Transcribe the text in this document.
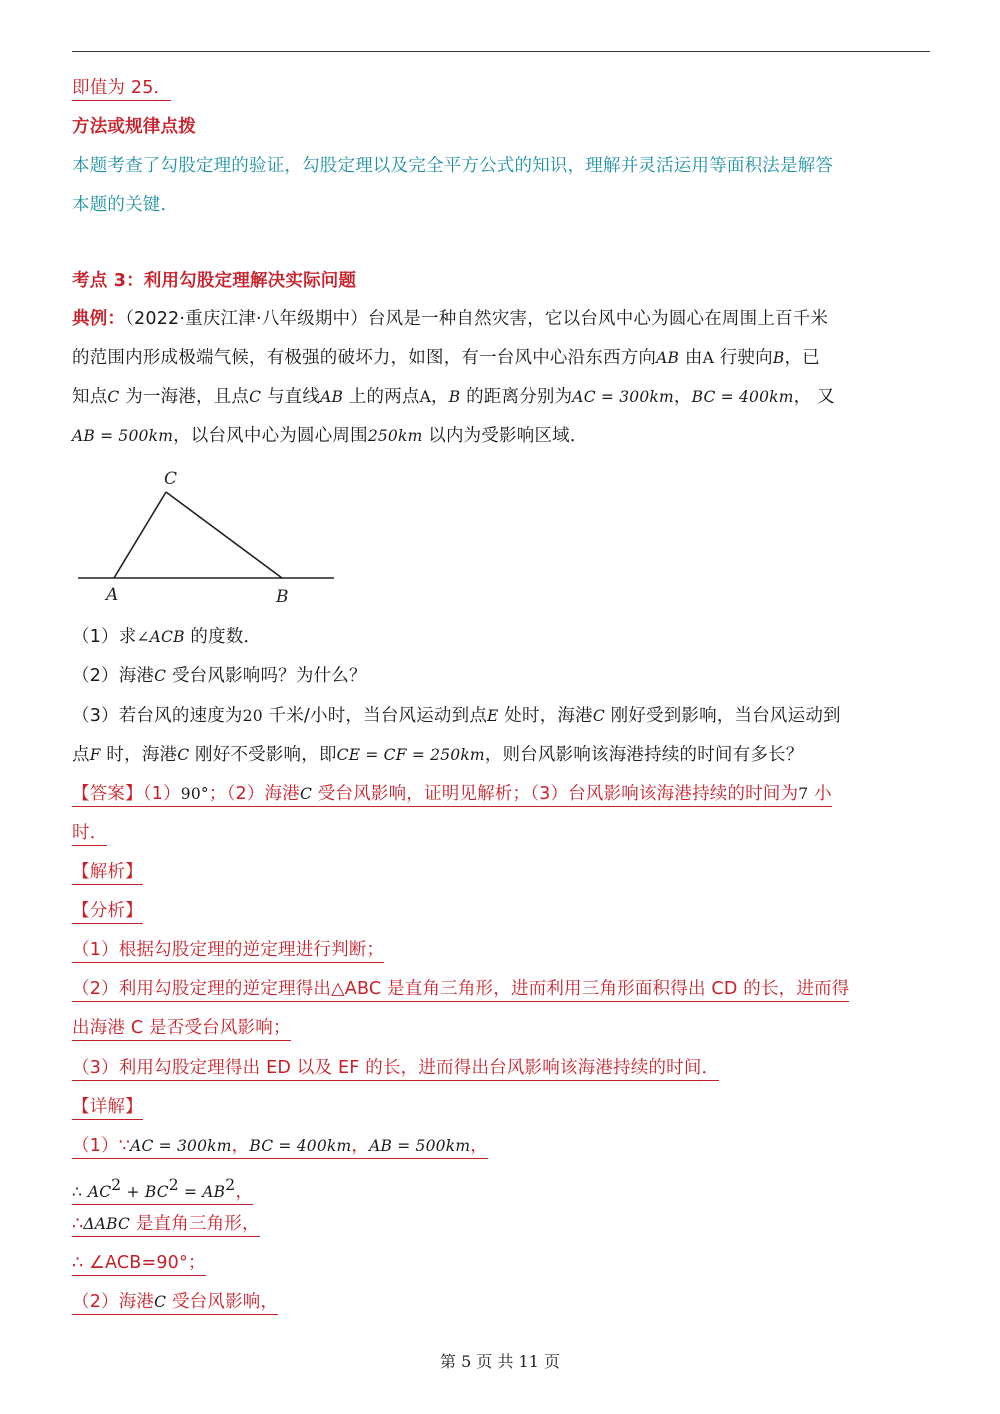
即值为 25．
方法或规律点拨
本题考查了勾股定理的验证，勾股定理以及完全平方公式的知识，理解并灵活运用等面积法是解答
本题的关键．
考点 3：利用勾股定理解决实际问题
典例：（2022·重庆江津·八年级期中）台风是一种自然灾害，它以台风中心为圆心在周围上百千米
的范围内形成极端气候，有极强的破坏力，如图，有一台风中心沿东西方向AB 由A 行驶向B，已
知点C 为一海港，且点C 与直线AB 上的两点A，B 的距离分别为AC = 300km，BC = 400km， 又
AB = 500km，以台风中心为圆心周围250km 以内为受影响区域．
C
A	B
（1）求∠ACB 的度数．
（2）海港C 受台风影响吗？为什么？
（3）若台风的速度为20 千米/小时，当台风运动到点E 处时，海港C 刚好受到影响，当台风运动到
点F 时，海港C 刚好不受影响，即CE = CF = 250km，则台风影响该海港持续的时间有多长？
【答案】（1）90°；（2）海港C 受台风影响，证明见解析；（3）台风影响该海港持续的时间为7 小
时．
【解析】
【分析】
（1）根据勾股定理的逆定理进行判断；
（2）利用勾股定理的逆定理得出△ABC 是直角三角形，进而利用三角形面积得出 CD 的长，进而得
出海港 C 是否受台风影响；
（3）利用勾股定理得出 ED 以及 EF 的长，进而得出台风影响该海港持续的时间．
【详解】
（1）∵AC = 300km，BC = 400km，AB = 500km，
∴ $AC^2 + BC^2 = AB^2$，
∴ΔABC 是直角三角形，
∴ ∠ACB=90°；
（2）海港C 受台风影响，
第 5 页 共 11 页
